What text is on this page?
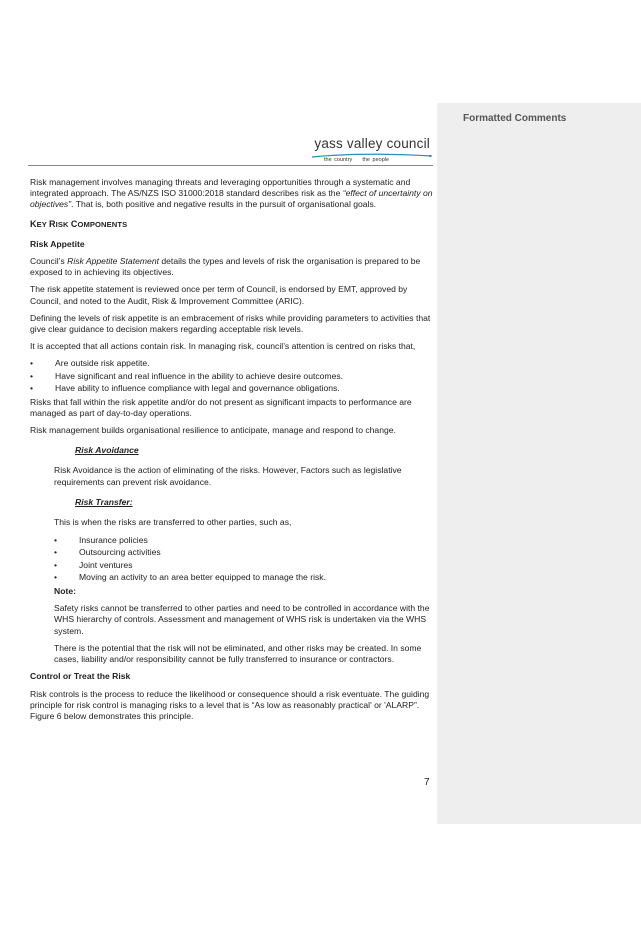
Formatted Comments
yass valley council
the country the people

Risk management involves managing threats and leveraging opportunities through a systematic and integrated approach. The AS/NZS ISO 31000:2018 standard describes risk as the “effect of uncertainty on objectives”. That is, both positive and negative results in the pursuit of organisational goals.

KEY RISK COMPONENTS

Risk Appetite

Council’s Risk Appetite Statement details the types and levels of risk the organisation is prepared to be exposed to in achieving its objectives.

The risk appetite statement is reviewed once per term of Council, is endorsed by EMT, approved by Council, and noted to the Audit, Risk & Improvement Committee (ARIC).

Defining the levels of risk appetite is an embracement of risks while providing parameters to activities that give clear guidance to decision makers regarding acceptable risk levels.

It is accepted that all actions contain risk. In managing risk, council’s attention is centred on risks that,

•	Are outside risk appetite.
•	Have significant and real influence in the ability to achieve desire outcomes.
•	Have ability to influence compliance with legal and governance obligations.

Risks that fall within the risk appetite and/or do not present as significant impacts to performance are managed as part of day-to-day operations.

Risk management builds organisational resilience to anticipate, manage and respond to change.

Risk Avoidance

Risk Avoidance is the action of eliminating of the risks. However, Factors such as legislative requirements can prevent risk avoidance.

Risk Transfer:

This is when the risks are transferred to other parties, such as,

•	Insurance policies
•	Outsourcing activities
•	Joint ventures
•	Moving an activity to an area better equipped to manage the risk.

Note:

Safety risks cannot be transferred to other parties and need to be controlled in accordance with the WHS hierarchy of controls. Assessment and management of WHS risk is undertaken via the WHS system.

There is the potential that the risk will not be eliminated, and other risks may be created. In some cases, liability and/or responsibility cannot be fully transferred to insurance or contractors.

Control or Treat the Risk

Risk controls is the process to reduce the likelihood or consequence should a risk eventuate. The guiding principle for risk control is managing risks to a level that is “As low as reasonably practical' or 'ALARP”. Figure 6 below demonstrates this principle.

7
